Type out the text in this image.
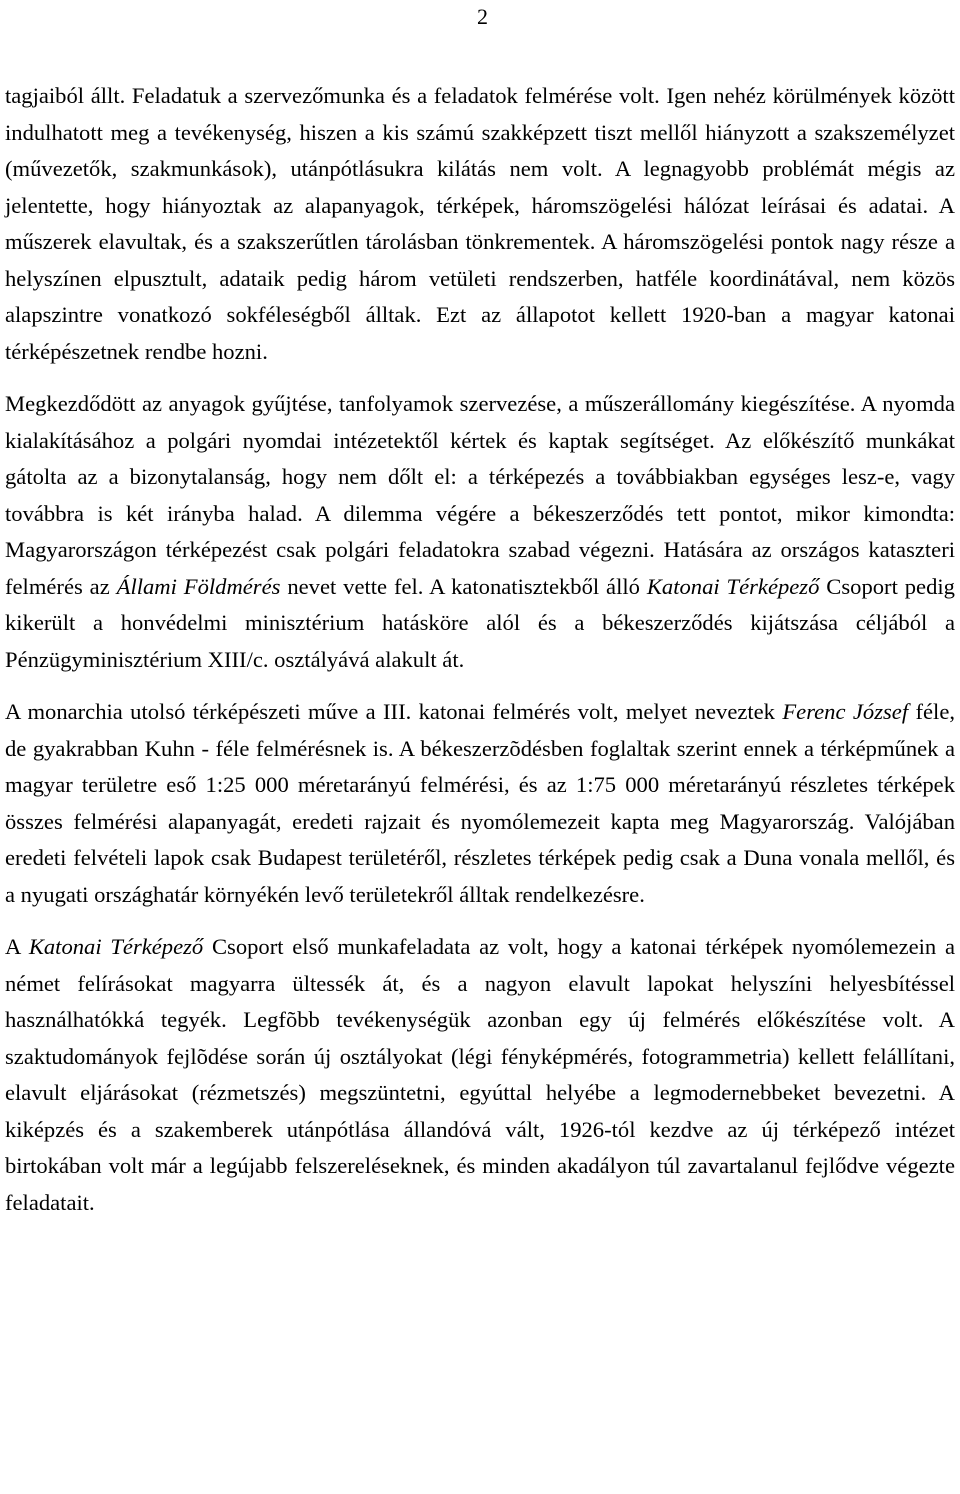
2

tagjaiból állt. Feladatuk a szervezőmunka és a feladatok felmérése volt. Igen nehéz körülmények között indulhatott meg a tevékenység, hiszen a kis számú szakképzett tiszt mellől hiányzott a szakszemélyzet (művezetők, szakmunkások), utánpótlásukra kilátás nem volt. A legnagyobb problémát mégis az jelentette, hogy hiányoztak az alapanyagok, térképek, háromszögelési hálózat leírásai és adatai. A műszerek elavultak, és a szakszerűtlen tárolásban tönkrementek. A háromszögelési pontok nagy része a helyszínen elpusztult, adataik pedig három vetületi rendszerben, hatféle koordinátával, nem közös alapszintre vonatkozó sokféleségből álltak. Ezt az állapotot kellett 1920-ban a magyar katonai térképészetnek rendbe hozni.

Megkezdődött az anyagok gyűjtése, tanfolyamok szervezése, a műszerállomány kiegészítése. A nyomda kialakításához a polgári nyomdai intézetektől kértek és kaptak segítséget. Az előkészítő munkákat gátolta az a bizonytalanság, hogy nem dőlt el: a térképezés a továbbiakban egységes lesz-e, vagy továbbra is két irányba halad. A dilemma végére a békeszerződés tett pontot, mikor kimondta: Magyarországon térképezést csak polgári feladatokra szabad végezni. Hatására az országos kataszteri felmérés az Állami Földmérés nevet vette fel. A katonatisztekből álló Katonai Térképező Csoport pedig kikerült a honvédelmi minisztérium hatásköre alól és a békeszerződés kijátszása céljából a Pénzügyminisztérium XIII/c. osztályává alakult át.

A monarchia utolsó térképészeti műve a III. katonai felmérés volt, melyet neveztek Ferenc József féle, de gyakrabban Kuhn - féle felmérésnek is. A békeszerzõdésben foglaltak szerint ennek a térképműnek a magyar területre eső 1:25 000 méretarányú felmérési, és az 1:75 000 méretarányú részletes térképek összes felmérési alapanyagát, eredeti rajzait és nyomólemezeit kapta meg Magyarország. Valójában eredeti felvételi lapok csak Budapest területéről, részletes térképek pedig csak a Duna vonala mellől, és a nyugati országhatár környékén levő területekről álltak rendelkezésre.

A Katonai Térképező Csoport első munkafeladata az volt, hogy a katonai térképek nyomólemezein a német felírásokat magyarra ültessék át, és a nagyon elavult lapokat helyszíni helyesbítéssel használhatókká tegyék. Legfõbb tevékenységük azonban egy új felmérés előkészítése volt. A szaktudományok fejlõdése során új osztályokat (légi fényképmérés, fotogrammetria) kellett felállítani, elavult eljárásokat (rézmetszés) megszüntetni, egyúttal helyébe a legmodernebbeket bevezetni. A kiképzés és a szakemberek utánpótlása állandóvá vált, 1926-tól kezdve az új térképező intézet birtokában volt már a legújabb felszereléseknek, és minden akadályon túl zavartalanul fejlődve végezte feladatait.
